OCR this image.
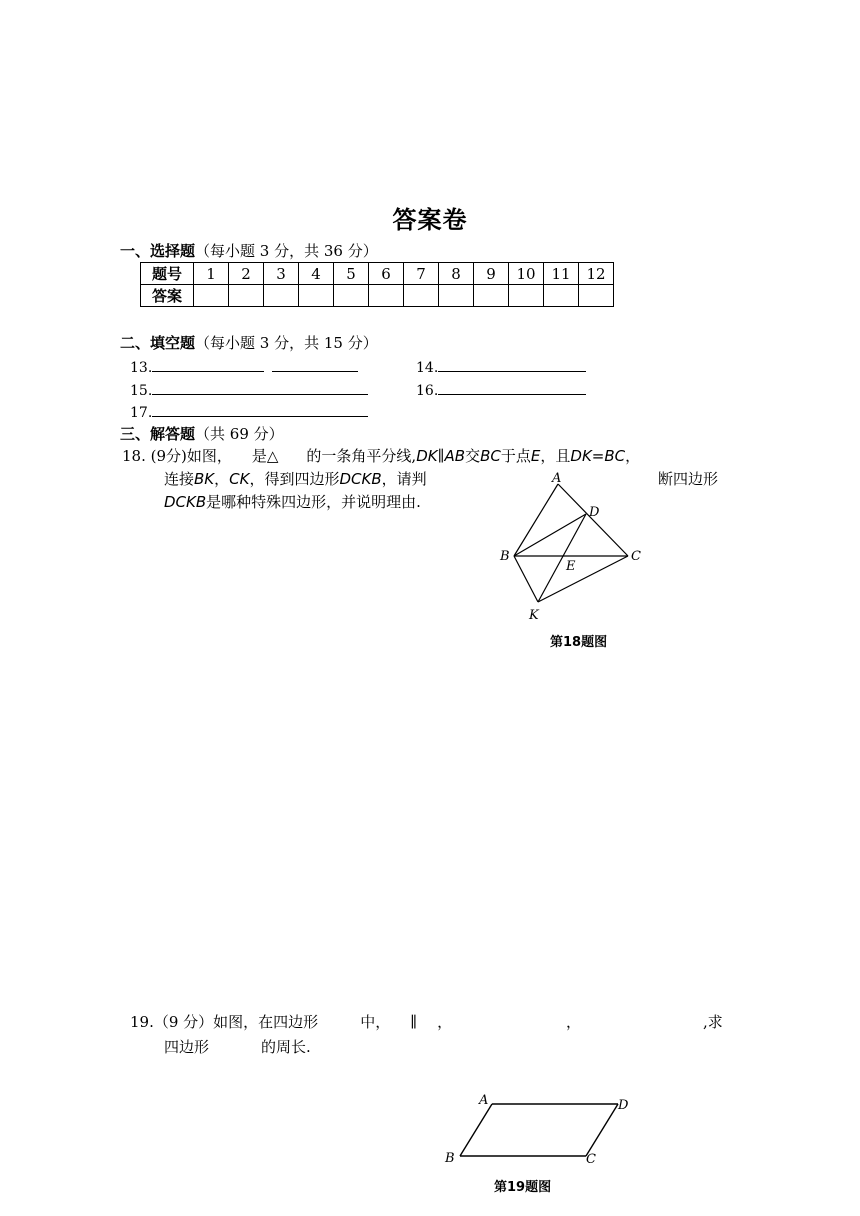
答案卷
一、选择题（每小题 3 分，共 36 分）
题号	1	2	3	4	5	6	7	8	9	10	11	12
答案												
二、填空题（每小题 3 分，共 15 分）
13.	14.
15.	16.
17.
三、解答题（共 69 分）
18. (9分)如图， 是△ 的一条角平分线,DK∥AB交BC于点E，且DK=BC，
连接BK，CK，得到四边形DCKB，请判	断四边形
DCKB是哪种特殊四边形，并说明理由.
A
B	C
D
E
K
第18题图
19.（9 分）如图，在四边形	中， ∥ ，	，	,求
四边形	的周长.
A	D
B	C
第19题图
